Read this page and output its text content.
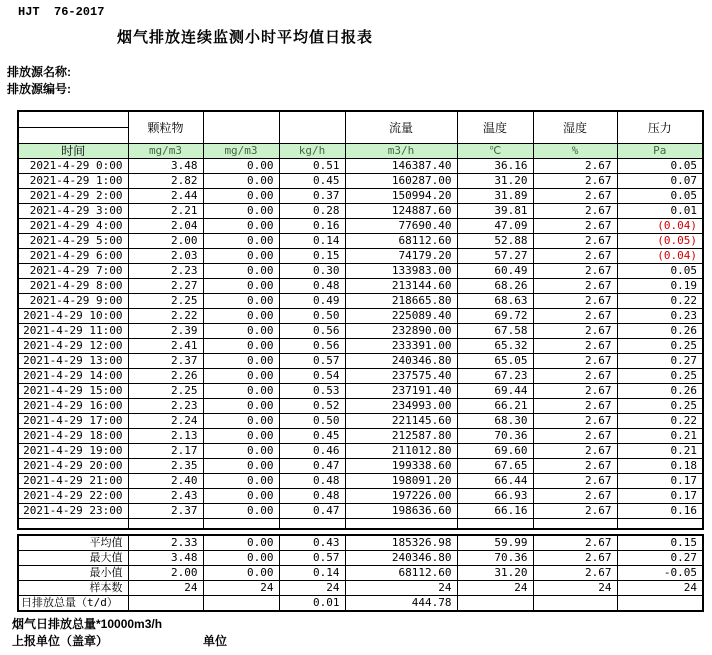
HJT  76-2017
烟气排放连续监测小时平均值日报表
排放源名称:
排放源编号:
	颗粒物			流量	温度	湿度	压力

时间	mg/m3	mg/m3	kg/h	m3/h	℃	%	Pa
2021-4-29 0:00	3.48	0.00	0.51	146387.40	36.16	2.67	0.05
2021-4-29 1:00	2.82	0.00	0.45	160287.00	31.20	2.67	0.07
2021-4-29 2:00	2.44	0.00	0.37	150994.20	31.89	2.67	0.05
2021-4-29 3:00	2.21	0.00	0.28	124887.60	39.81	2.67	0.01
2021-4-29 4:00	2.04	0.00	0.16	77690.40	47.09	2.67	(0.04)
2021-4-29 5:00	2.00	0.00	0.14	68112.60	52.88	2.67	(0.05)
2021-4-29 6:00	2.03	0.00	0.15	74179.20	57.27	2.67	(0.04)
2021-4-29 7:00	2.23	0.00	0.30	133983.00	60.49	2.67	0.05
2021-4-29 8:00	2.27	0.00	0.48	213144.60	68.26	2.67	0.19
2021-4-29 9:00	2.25	0.00	0.49	218665.80	68.63	2.67	0.22
2021-4-29 10:00	2.22	0.00	0.50	225089.40	69.72	2.67	0.23
2021-4-29 11:00	2.39	0.00	0.56	232890.00	67.58	2.67	0.26
2021-4-29 12:00	2.41	0.00	0.56	233391.00	65.32	2.67	0.25
2021-4-29 13:00	2.37	0.00	0.57	240346.80	65.05	2.67	0.27
2021-4-29 14:00	2.26	0.00	0.54	237575.40	67.23	2.67	0.25
2021-4-29 15:00	2.25	0.00	0.53	237191.40	69.44	2.67	0.26
2021-4-29 16:00	2.23	0.00	0.52	234993.00	66.21	2.67	0.25
2021-4-29 17:00	2.24	0.00	0.50	221145.60	68.30	2.67	0.22
2021-4-29 18:00	2.13	0.00	0.45	212587.80	70.36	2.67	0.21
2021-4-29 19:00	2.17	0.00	0.46	211012.80	69.60	2.67	0.21
2021-4-29 20:00	2.35	0.00	0.47	199338.60	67.65	2.67	0.18
2021-4-29 21:00	2.40	0.00	0.48	198091.20	66.44	2.67	0.17
2021-4-29 22:00	2.43	0.00	0.48	197226.00	66.93	2.67	0.17
2021-4-29 23:00	2.37	0.00	0.47	198636.60	66.16	2.67	0.16

平均值	2.33	0.00	0.43	185326.98	59.99	2.67	0.15
最大值	3.48	0.00	0.57	240346.80	70.36	2.67	0.27
最小值	2.00	0.00	0.14	68112.60	31.20	2.67	-0.05
样本数	24	24	24	24	24	24	24
日排放总量（t/d）			0.01	444.78			
烟气日排放总量*10000m3/h
上报单位（盖章）	单位
